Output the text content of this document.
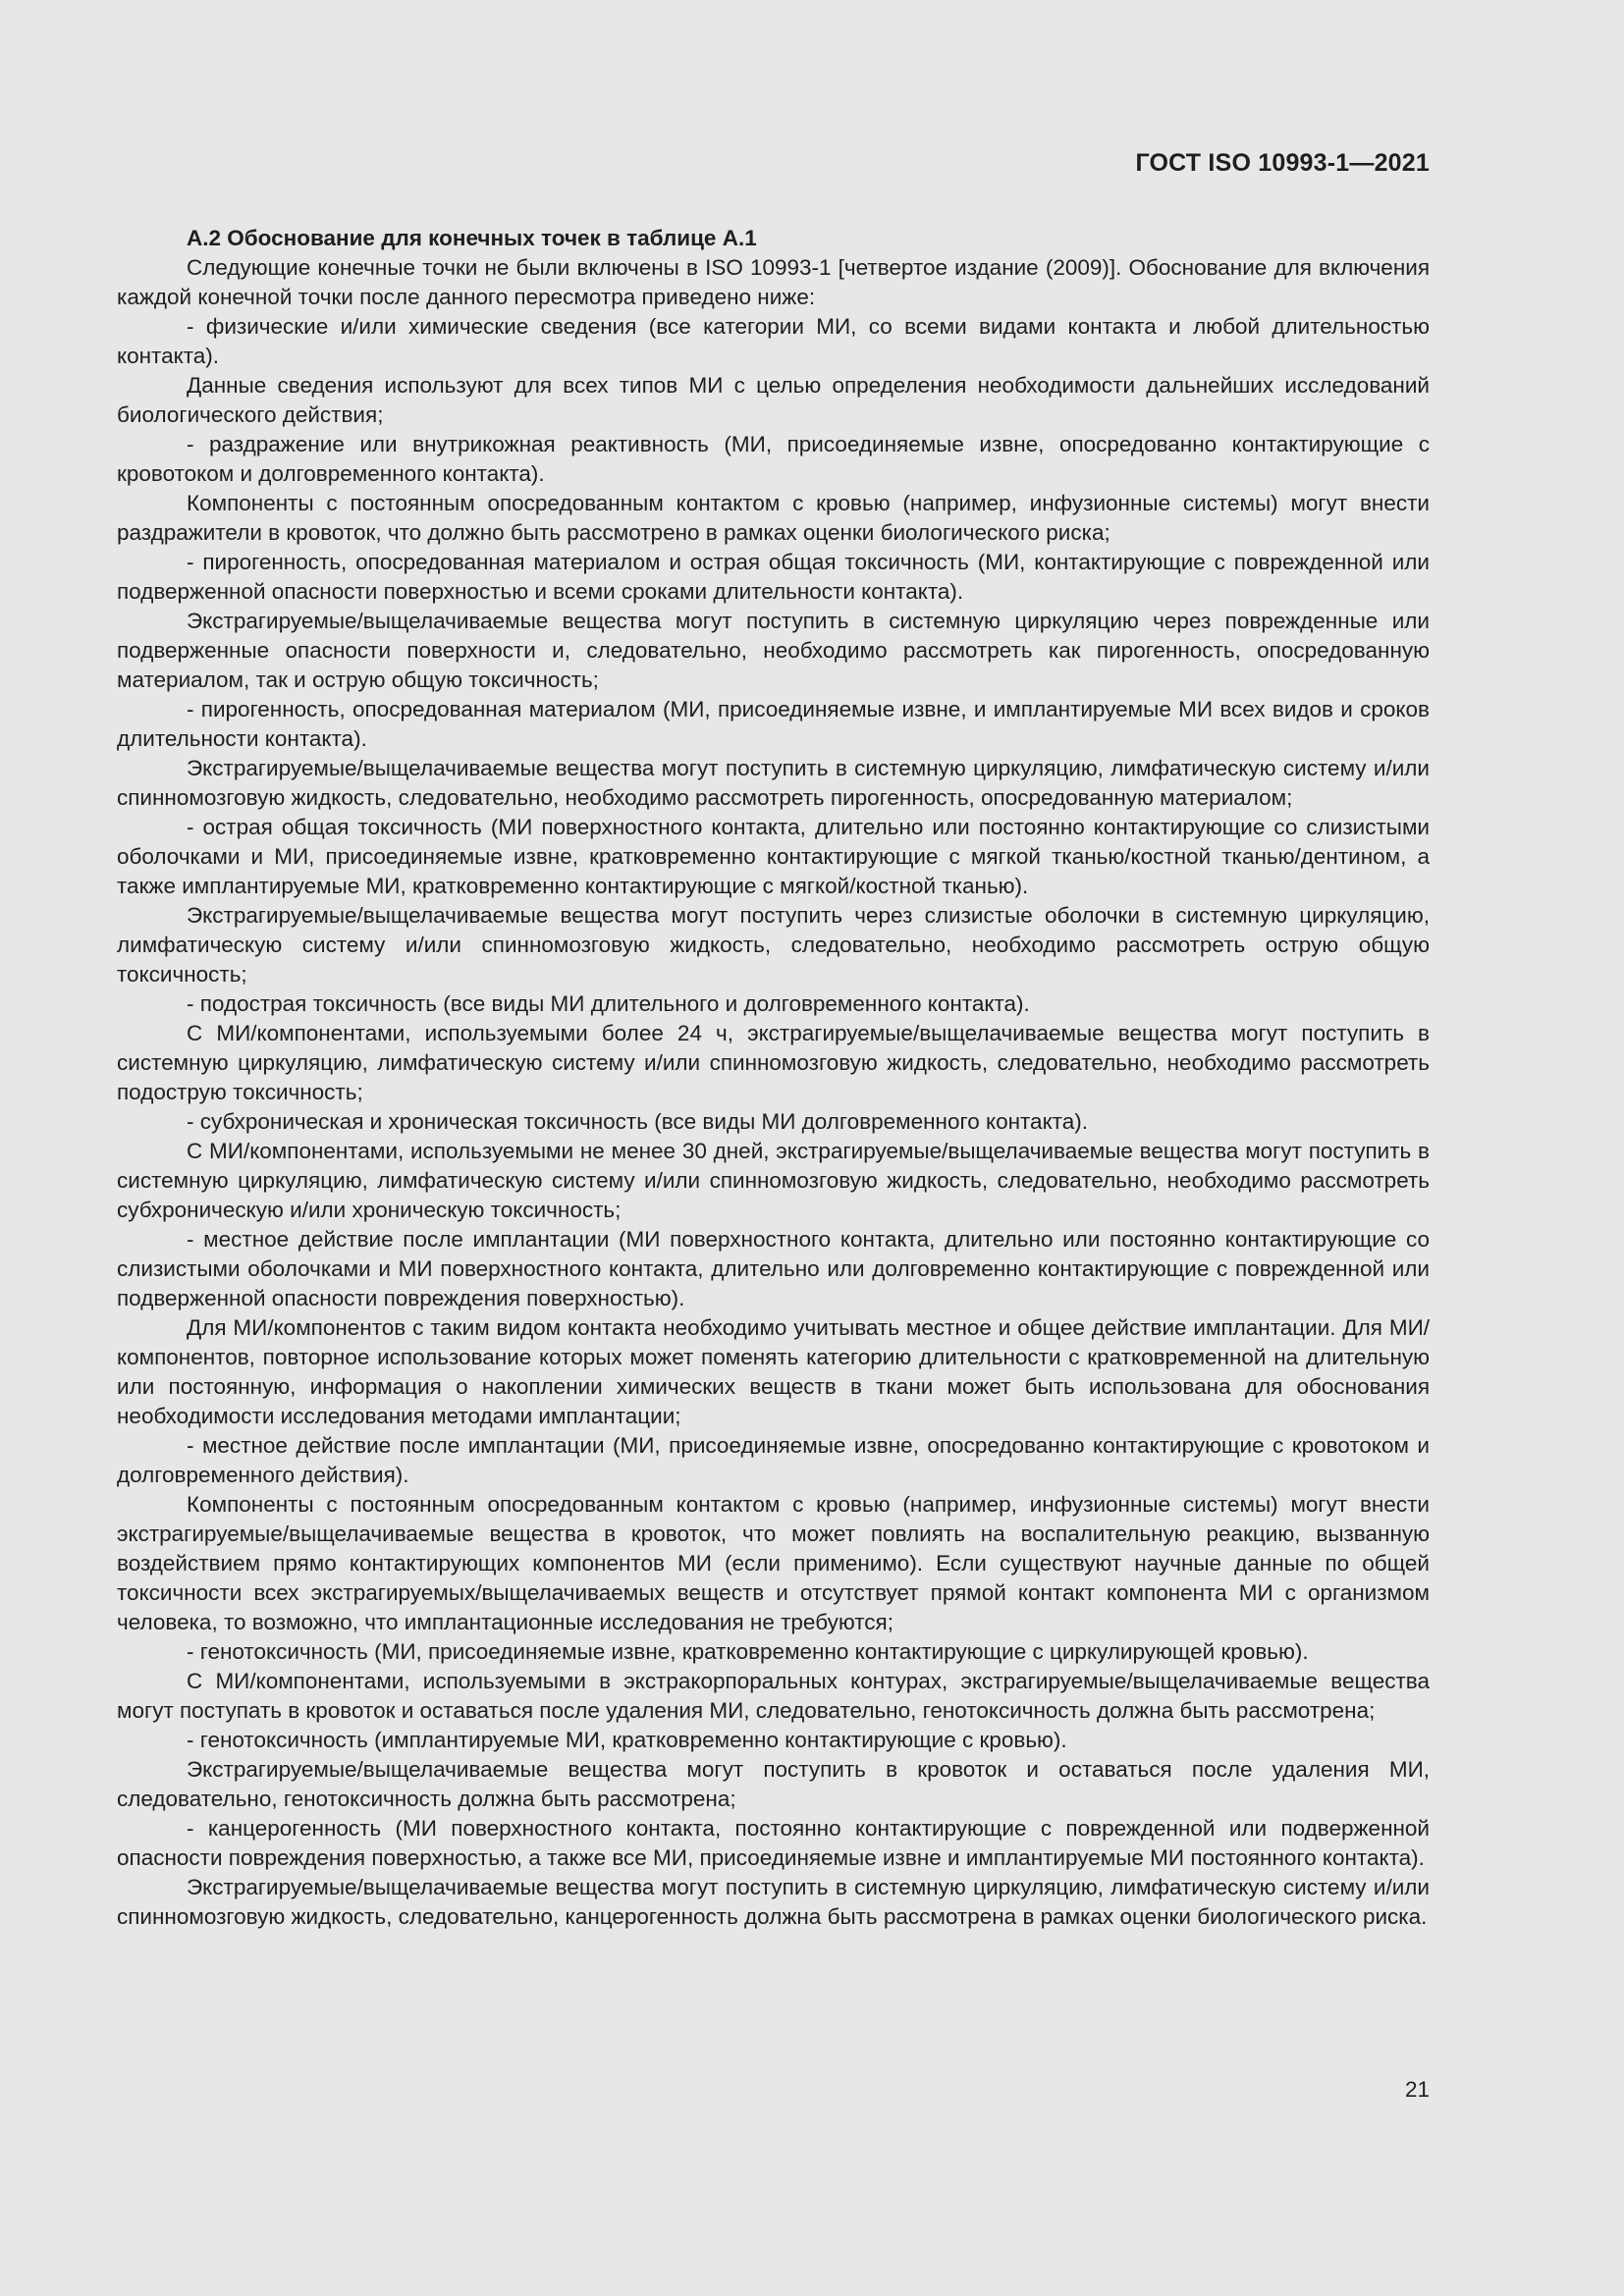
ГОСТ ISO 10993-1—2021
А.2 Обоснование для конечных точек в таблице А.1

Следующие конечные точки не были включены в ISO 10993-1 [четвертое издание (2009)]. Обоснование для включения каждой конечной точки после данного пересмотра приведено ниже:

- физические и/или химические сведения (все категории МИ, со всеми видами контакта и любой длительностью контакта).

Данные сведения используют для всех типов МИ с целью определения необходимости дальнейших исследований биологического действия;

- раздражение или внутрикожная реактивность (МИ, присоединяемые извне, опосредованно контактирующие с кровотоком и долговременного контакта).

Компоненты с постоянным опосредованным контактом с кровью (например, инфузионные системы) могут внести раздражители в кровоток, что должно быть рассмотрено в рамках оценки биологического риска;

- пирогенность, опосредованная материалом и острая общая токсичность (МИ, контактирующие с поврежденной или подверженной опасности поверхностью и всеми сроками длительности контакта).

Экстрагируемые/выщелачиваемые вещества могут поступить в системную циркуляцию через поврежденные или подверженные опасности поверхности и, следовательно, необходимо рассмотреть как пирогенность, опосредованную материалом, так и острую общую токсичность;

- пирогенность, опосредованная материалом (МИ, присоединяемые извне, и имплантируемые МИ всех видов и сроков длительности контакта).

Экстрагируемые/выщелачиваемые вещества могут поступить в системную циркуляцию, лимфатическую систему и/или спинномозговую жидкость, следовательно, необходимо рассмотреть пирогенность, опосредованную материалом;

- острая общая токсичность (МИ поверхностного контакта, длительно или постоянно контактирующие со слизистыми оболочками и МИ, присоединяемые извне, кратковременно контактирующие с мягкой тканью/костной тканью/дентином, а также имплантируемые МИ, кратковременно контактирующие с мягкой/костной тканью).

Экстрагируемые/выщелачиваемые вещества могут поступить через слизистые оболочки в системную циркуляцию, лимфатическую систему и/или спинномозговую жидкость, следовательно, необходимо рассмотреть острую общую токсичность;

- подострая токсичность (все виды МИ длительного и долговременного контакта).

С МИ/компонентами, используемыми более 24 ч, экстрагируемые/выщелачиваемые вещества могут поступить в системную циркуляцию, лимфатическую систему и/или спинномозговую жидкость, следовательно, необходимо рассмотреть подострую токсичность;

- субхроническая и хроническая токсичность (все виды МИ долговременного контакта).

С МИ/компонентами, используемыми не менее 30 дней, экстрагируемые/выщелачиваемые вещества могут поступить в системную циркуляцию, лимфатическую систему и/или спинномозговую жидкость, следовательно, необходимо рассмотреть субхроническую и/или хроническую токсичность;

- местное действие после имплантации (МИ поверхностного контакта, длительно или постоянно контактирующие со слизистыми оболочками и МИ поверхностного контакта, длительно или долговременно контактирующие с поврежденной или подверженной опасности повреждения поверхностью).

Для МИ/компонентов с таким видом контакта необходимо учитывать местное и общее действие имплантации. Для МИ/компонентов, повторное использование которых может поменять категорию длительности с кратковременной на длительную или постоянную, информация о накоплении химических веществ в ткани может быть использована для обоснования необходимости исследования методами имплантации;

- местное действие после имплантации (МИ, присоединяемые извне, опосредованно контактирующие с кровотоком и долговременного действия).

Компоненты с постоянным опосредованным контактом с кровью (например, инфузионные системы) могут внести экстрагируемые/выщелачиваемые вещества в кровоток, что может повлиять на воспалительную реакцию, вызванную воздействием прямо контактирующих компонентов МИ (если применимо). Если существуют научные данные по общей токсичности всех экстрагируемых/выщелачиваемых веществ и отсутствует прямой контакт компонента МИ с организмом человека, то возможно, что имплантационные исследования не требуются;

- генотоксичность (МИ, присоединяемые извне, кратковременно контактирующие с циркулирующей кровью).

С МИ/компонентами, используемыми в экстракорпоральных контурах, экстрагируемые/выщелачиваемые вещества могут поступать в кровоток и оставаться после удаления МИ, следовательно, генотоксичность должна быть рассмотрена;

- генотоксичность (имплантируемые МИ, кратковременно контактирующие с кровью).

Экстрагируемые/выщелачиваемые вещества могут поступить в кровоток и оставаться после удаления МИ, следовательно, генотоксичность должна быть рассмотрена;

- канцерогенность (МИ поверхностного контакта, постоянно контактирующие с поврежденной или подверженной опасности повреждения поверхностью, а также все МИ, присоединяемые извне и имплантируемые МИ постоянного контакта).

Экстрагируемые/выщелачиваемые вещества могут поступить в системную циркуляцию, лимфатическую систему и/или спинномозговую жидкость, следовательно, канцерогенность должна быть рассмотрена в рамках оценки биологического риска.

21
